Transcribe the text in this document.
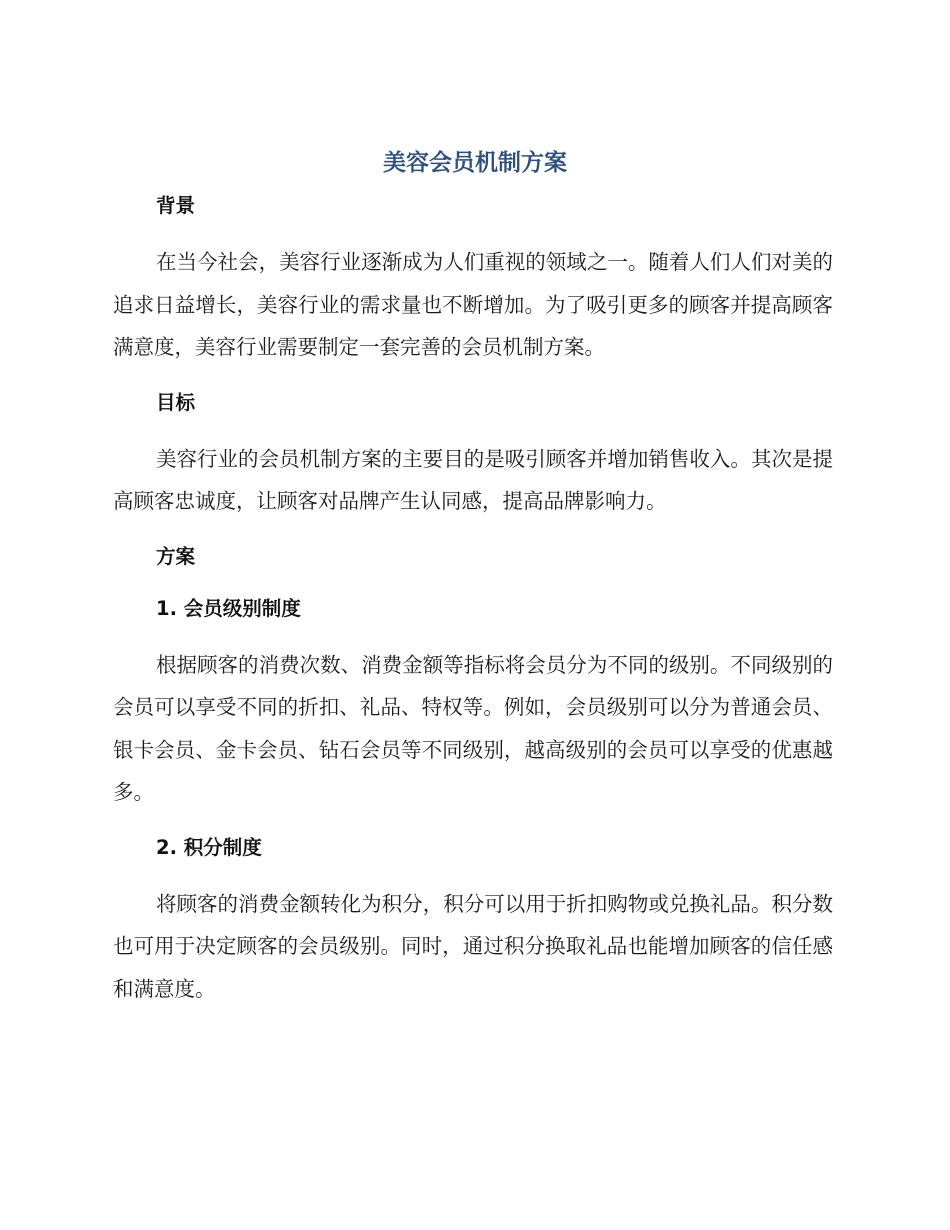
美容会员机制方案
背景

在当今社会，美容行业逐渐成为人们重视的领域之一。随着人们人们对美的追求日益增长，美容行业的需求量也不断增加。为了吸引更多的顾客并提高顾客满意度，美容行业需要制定一套完善的会员机制方案。

目标

美容行业的会员机制方案的主要目的是吸引顾客并增加销售收入。其次是提高顾客忠诚度，让顾客对品牌产生认同感，提高品牌影响力。

方案
1. 会员级别制度

根据顾客的消费次数、消费金额等指标将会员分为不同的级别。不同级别的会员可以享受不同的折扣、礼品、特权等。例如，会员级别可以分为普通会员、银卡会员、金卡会员、钻石会员等不同级别，越高级别的会员可以享受的优惠越多。

2. 积分制度

将顾客的消费金额转化为积分，积分可以用于折扣购物或兑换礼品。积分数也可用于决定顾客的会员级别。同时，通过积分换取礼品也能增加顾客的信任感和满意度。
